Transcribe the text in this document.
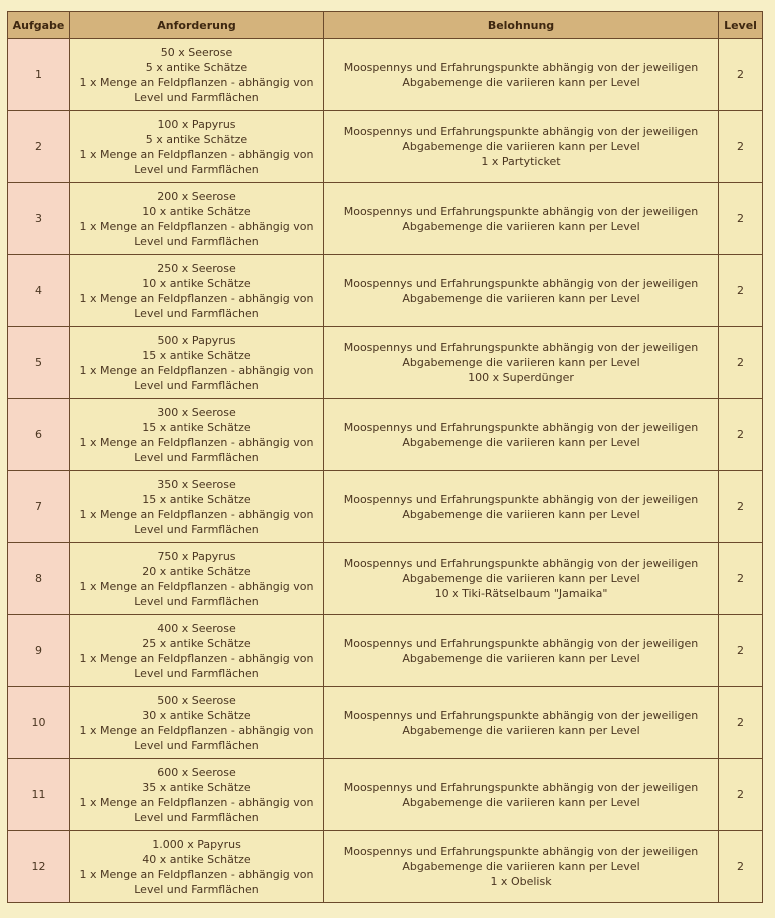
Aufgabe	Anforderung	Belohnung	Level
1	50 x Seerose
5 x antike Schätze
1 x Menge an Feldpflanzen - abhängig von
Level und Farmflächen	Moospennys und Erfahrungspunkte abhängig von der jeweiligen
Abgabemenge die variieren kann per Level	2
2	100 x Papyrus
5 x antike Schätze
1 x Menge an Feldpflanzen - abhängig von
Level und Farmflächen	Moospennys und Erfahrungspunkte abhängig von der jeweiligen
Abgabemenge die variieren kann per Level
1 x Partyticket	2
3	200 x Seerose
10 x antike Schätze
1 x Menge an Feldpflanzen - abhängig von
Level und Farmflächen	Moospennys und Erfahrungspunkte abhängig von der jeweiligen
Abgabemenge die variieren kann per Level	2
4	250 x Seerose
10 x antike Schätze
1 x Menge an Feldpflanzen - abhängig von
Level und Farmflächen	Moospennys und Erfahrungspunkte abhängig von der jeweiligen
Abgabemenge die variieren kann per Level	2
5	500 x Papyrus
15 x antike Schätze
1 x Menge an Feldpflanzen - abhängig von
Level und Farmflächen	Moospennys und Erfahrungspunkte abhängig von der jeweiligen
Abgabemenge die variieren kann per Level
100 x Superdünger	2
6	300 x Seerose
15 x antike Schätze
1 x Menge an Feldpflanzen - abhängig von
Level und Farmflächen	Moospennys und Erfahrungspunkte abhängig von der jeweiligen
Abgabemenge die variieren kann per Level	2
7	350 x Seerose
15 x antike Schätze
1 x Menge an Feldpflanzen - abhängig von
Level und Farmflächen	Moospennys und Erfahrungspunkte abhängig von der jeweiligen
Abgabemenge die variieren kann per Level	2
8	750 x Papyrus
20 x antike Schätze
1 x Menge an Feldpflanzen - abhängig von
Level und Farmflächen	Moospennys und Erfahrungspunkte abhängig von der jeweiligen
Abgabemenge die variieren kann per Level
10 x Tiki-Rätselbaum "Jamaika"	2
9	400 x Seerose
25 x antike Schätze
1 x Menge an Feldpflanzen - abhängig von
Level und Farmflächen	Moospennys und Erfahrungspunkte abhängig von der jeweiligen
Abgabemenge die variieren kann per Level	2
10	500 x Seerose
30 x antike Schätze
1 x Menge an Feldpflanzen - abhängig von
Level und Farmflächen	Moospennys und Erfahrungspunkte abhängig von der jeweiligen
Abgabemenge die variieren kann per Level	2
11	600 x Seerose
35 x antike Schätze
1 x Menge an Feldpflanzen - abhängig von
Level und Farmflächen	Moospennys und Erfahrungspunkte abhängig von der jeweiligen
Abgabemenge die variieren kann per Level	2
12	1.000 x Papyrus
40 x antike Schätze
1 x Menge an Feldpflanzen - abhängig von
Level und Farmflächen	Moospennys und Erfahrungspunkte abhängig von der jeweiligen
Abgabemenge die variieren kann per Level
1 x Obelisk	2
